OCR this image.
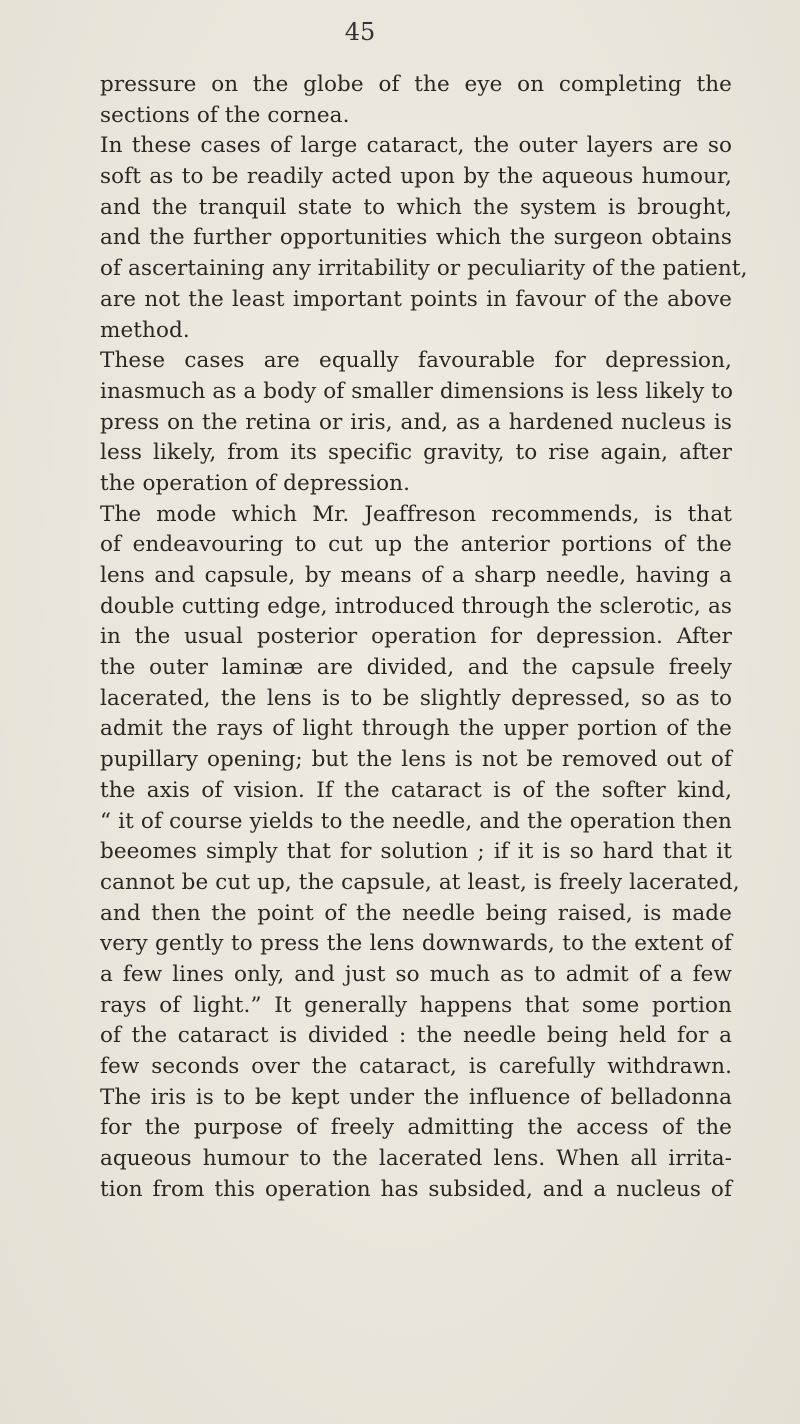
45
pressure on the globe of the eye on completing the
sections of the cornea.
In these cases of large cataract, the outer layers are so
soft as to be readily acted upon by the aqueous humour,
and the tranquil state to which the system is brought,
and the further opportunities which the surgeon obtains
of ascertaining any irritability or peculiarity of the patient,
are not the least important points in favour of the above
method.
These cases are equally favourable for depression,
inasmuch as a body of smaller dimensions is less likely to
press on the retina or iris, and, as a hardened nucleus is
less likely, from its specific gravity, to rise again, after
the operation of depression.
The mode which Mr. Jeaffreson recommends, is that
of endeavouring to cut up the anterior portions of the
lens and capsule, by means of a sharp needle, having a
double cutting edge, introduced through the sclerotic, as
in the usual posterior operation for depression. After
the outer laminæ are divided, and the capsule freely
lacerated, the lens is to be slightly depressed, so as to
admit the rays of light through the upper portion of the
pupillary opening; but the lens is not be removed out of
the axis of vision. If the cataract is of the softer kind,
“ it of course yields to the needle, and the operation then
beeomes simply that for solution ; if it is so hard that it
cannot be cut up, the capsule, at least, is freely lacerated,
and then the point of the needle being raised, is made
very gently to press the lens downwards, to the extent of
a few lines only, and just so much as to admit of a few
rays of light.” It generally happens that some portion
of the cataract is divided : the needle being held for a
few seconds over the cataract, is carefully withdrawn.
The iris is to be kept under the influence of belladonna
for the purpose of freely admitting the access of the
aqueous humour to the lacerated lens. When all irrita-
tion from this operation has subsided, and a nucleus of
